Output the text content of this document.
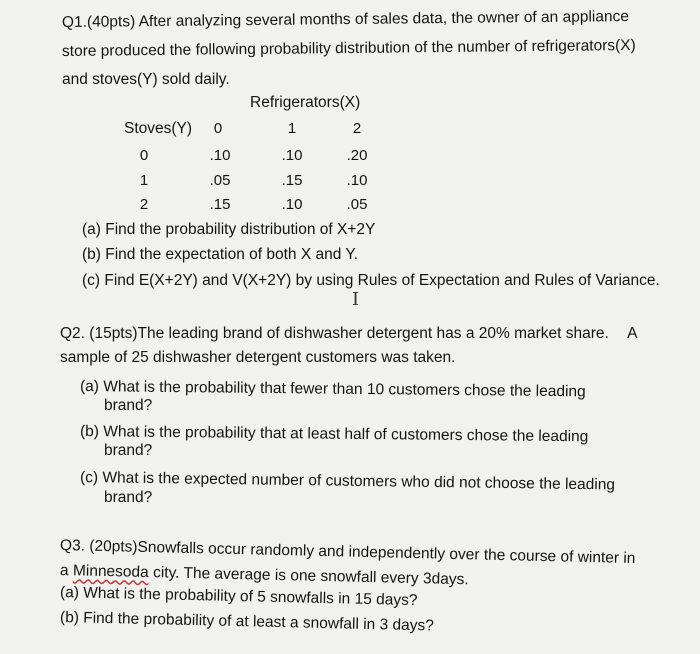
Q1.(40pts) After analyzing several months of sales data, the owner of an appliance
store produced the following probability distribution of the number of refrigerators(X)
and stoves(Y) sold daily.
Refrigerators(X)
Stoves(Y)	0	1	2
0	.10	.10	.20
1	.05	.15	.10
2	.15	.10	.05
(a) Find the probability distribution of X+2Y
(b) Find the expectation of both X and Y.
(c) Find E(X+2Y) and V(X+2Y) by using Rules of Expectation and Rules of Variance.
I
Q2. (15pts)The leading brand of dishwasher detergent has a 20% market share. A
sample of 25 dishwasher detergent customers was taken.
(a) What is the probability that fewer than 10 customers chose the leading
brand?
(b) What is the probability that at least half of customers chose the leading
brand?
(c) What is the expected number of customers who did not choose the leading
brand?
Q3. (20pts)Snowfalls occur randomly and independently over the course of winter in
a Minnesoda city. The average is one snowfall every 3days.
(a) What is the probability of 5 snowfalls in 15 days?
(b) Find the probability of at least a snowfall in 3 days?
